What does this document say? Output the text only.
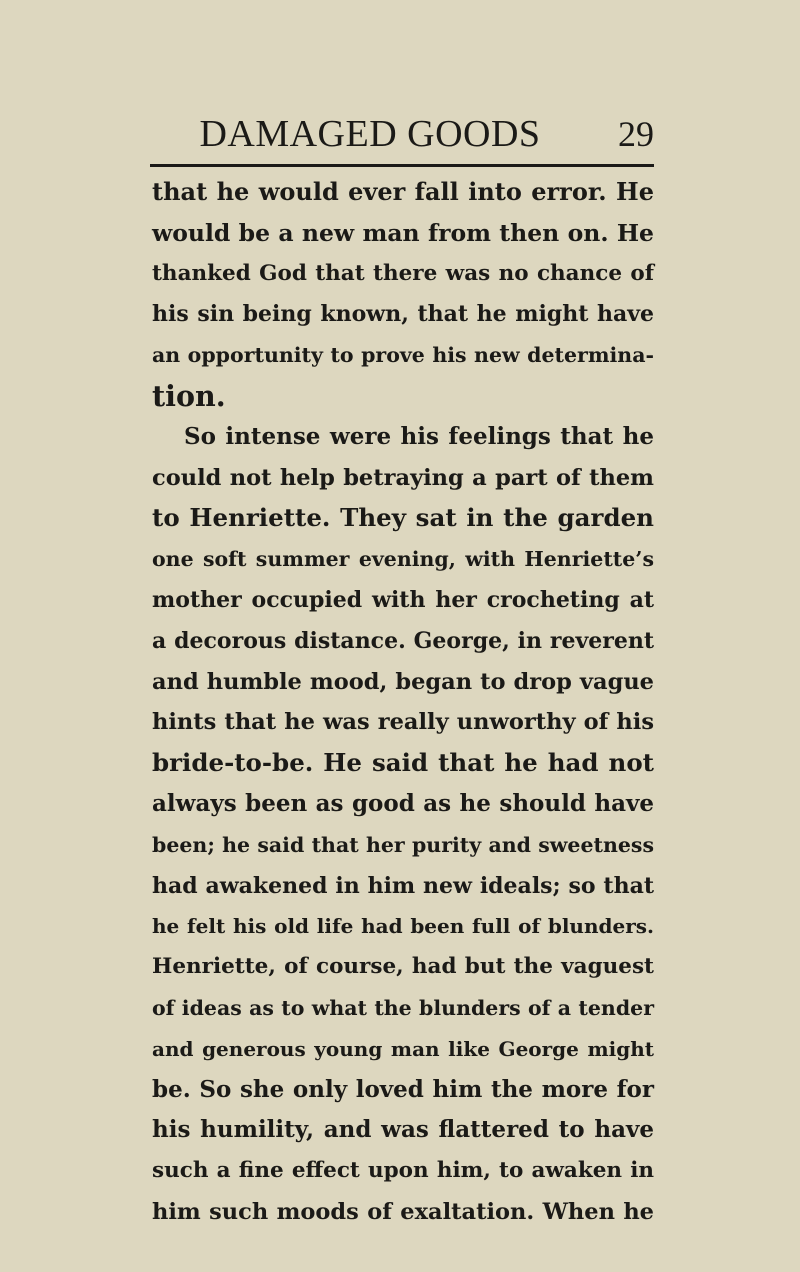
DAMAGED GOODS	29
that he would ever fall into error. He
would be a new man from then on. He
thanked God that there was no chance of
his sin being known, that he might have
an opportunity to prove his new determina-
tion.
So intense were his feelings that he
could not help betraying a part of them
to Henriette. They sat in the garden
one soft summer evening, with Henriette’s
mother occupied with her crocheting at
a decorous distance. George, in reverent
and humble mood, began to drop vague
hints that he was really unworthy of his
bride-to-be. He said that he had not
always been as good as he should have
been; he said that her purity and sweetness
had awakened in him new ideals; so that
he felt his old life had been full of blunders.
Henriette, of course, had but the vaguest
of ideas as to what the blunders of a tender
and generous young man like George might
be. So she only loved him the more for
his humility, and was flattered to have
such a fine effect upon him, to awaken in
him such moods of exaltation. When he
